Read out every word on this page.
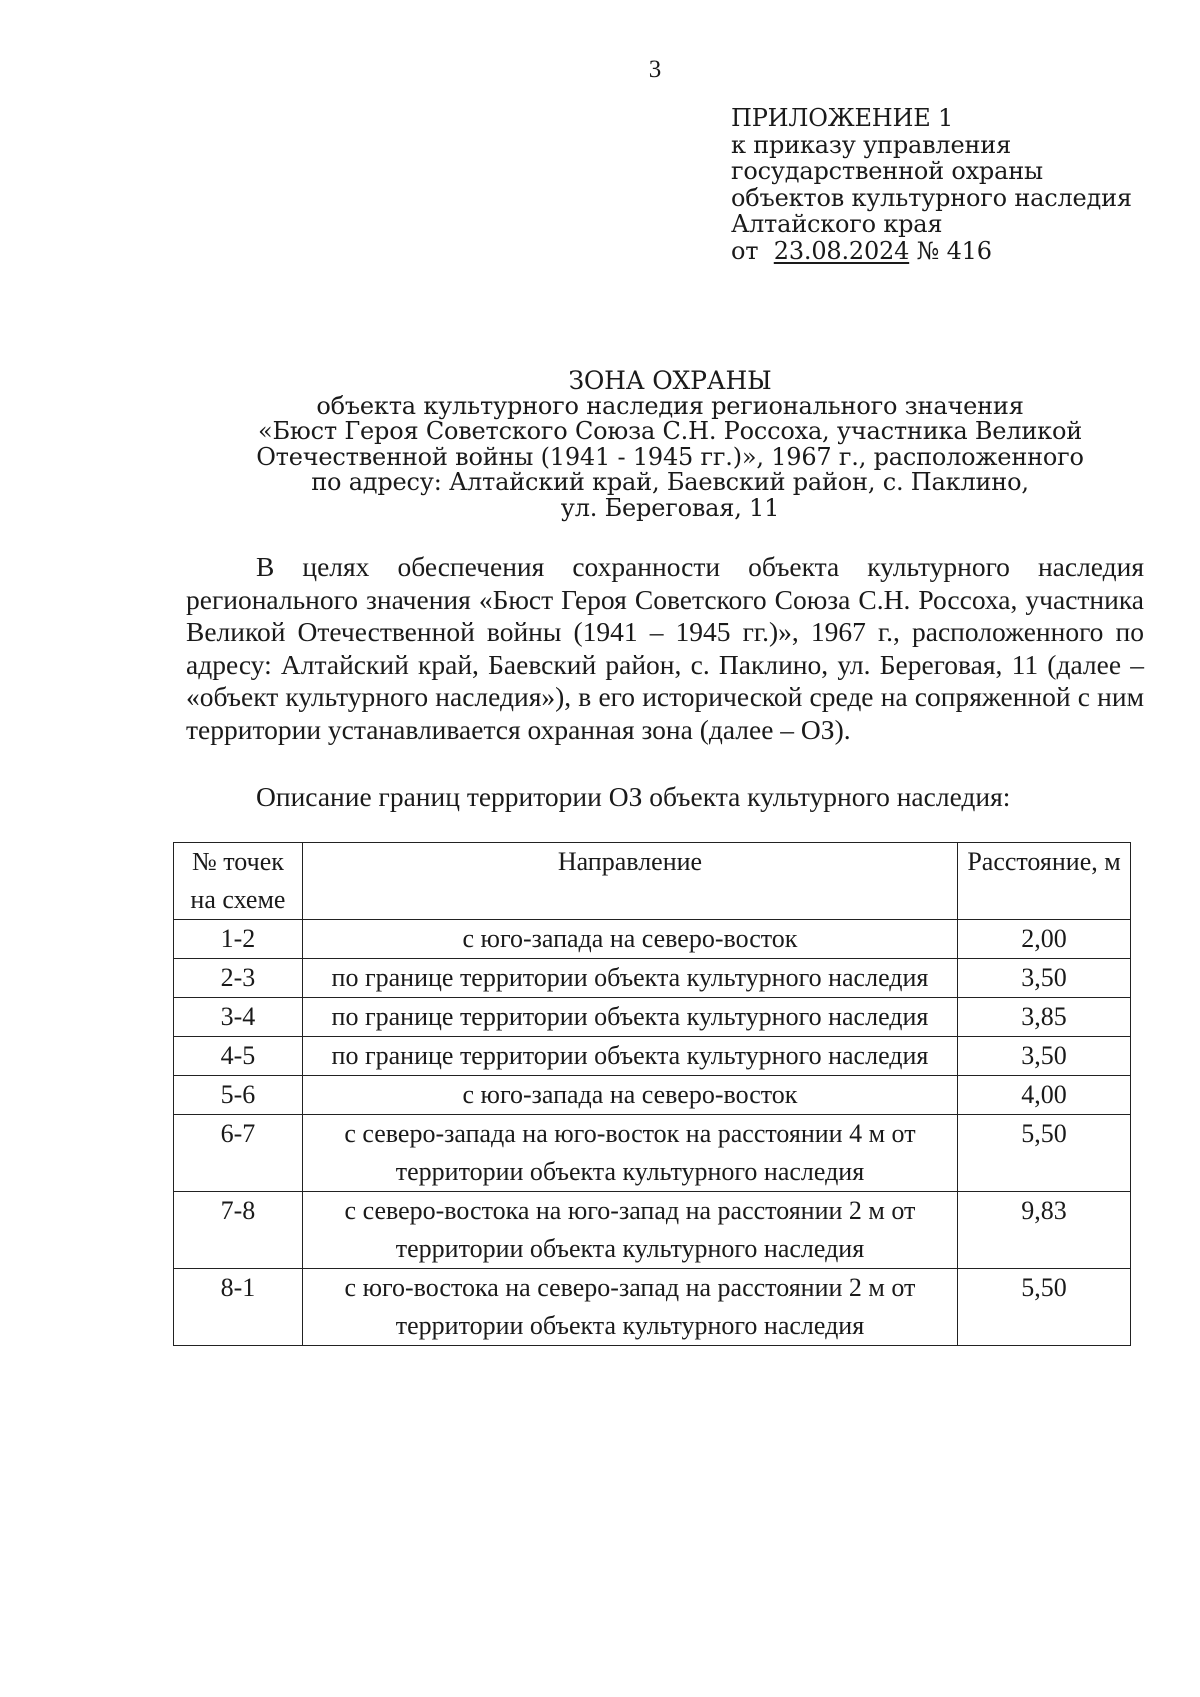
3
ПРИЛОЖЕНИЕ 1
к приказу управления
государственной охраны
объектов культурного наследия
Алтайского края
от 23.08.2024 № 416
ЗОНА ОХРАНЫ
объекта культурного наследия регионального значения
«Бюст Героя Советского Союза С.Н. Россоха, участника Великой
Отечественной войны (1941 - 1945 гг.)», 1967 г., расположенного
по адресу: Алтайский край, Баевский район, с. Паклино,
ул. Береговая, 11
В целях обеспечения сохранности объекта культурного наследия регионального значения «Бюст Героя Советского Союза С.Н. Россоха, участника Великой Отечественной войны (1941 – 1945 гг.)», 1967 г., расположенного по адресу: Алтайский край, Баевский район, с. Паклино, ул. Береговая, 11 (далее – «объект культурного наследия»), в его исторической среде на сопряженной с ним территории устанавливается охранная зона (далее – ОЗ).
Описание границ территории ОЗ объекта культурного наследия:
№ точек на схеме	Направление	Расстояние, м
1-2	с юго-запада на северо-восток	2,00
2-3	по границе территории объекта культурного наследия	3,50
3-4	по границе территории объекта культурного наследия	3,85
4-5	по границе территории объекта культурного наследия	3,50
5-6	с юго-запада на северо-восток	4,00
6-7	с северо-запада на юго-восток на расстоянии 4 м от территории объекта культурного наследия	5,50
7-8	с северо-востока на юго-запад на расстоянии 2 м от территории объекта культурного наследия	9,83
8-1	с юго-востока на северо-запад на расстоянии 2 м от территории объекта культурного наследия	5,50
